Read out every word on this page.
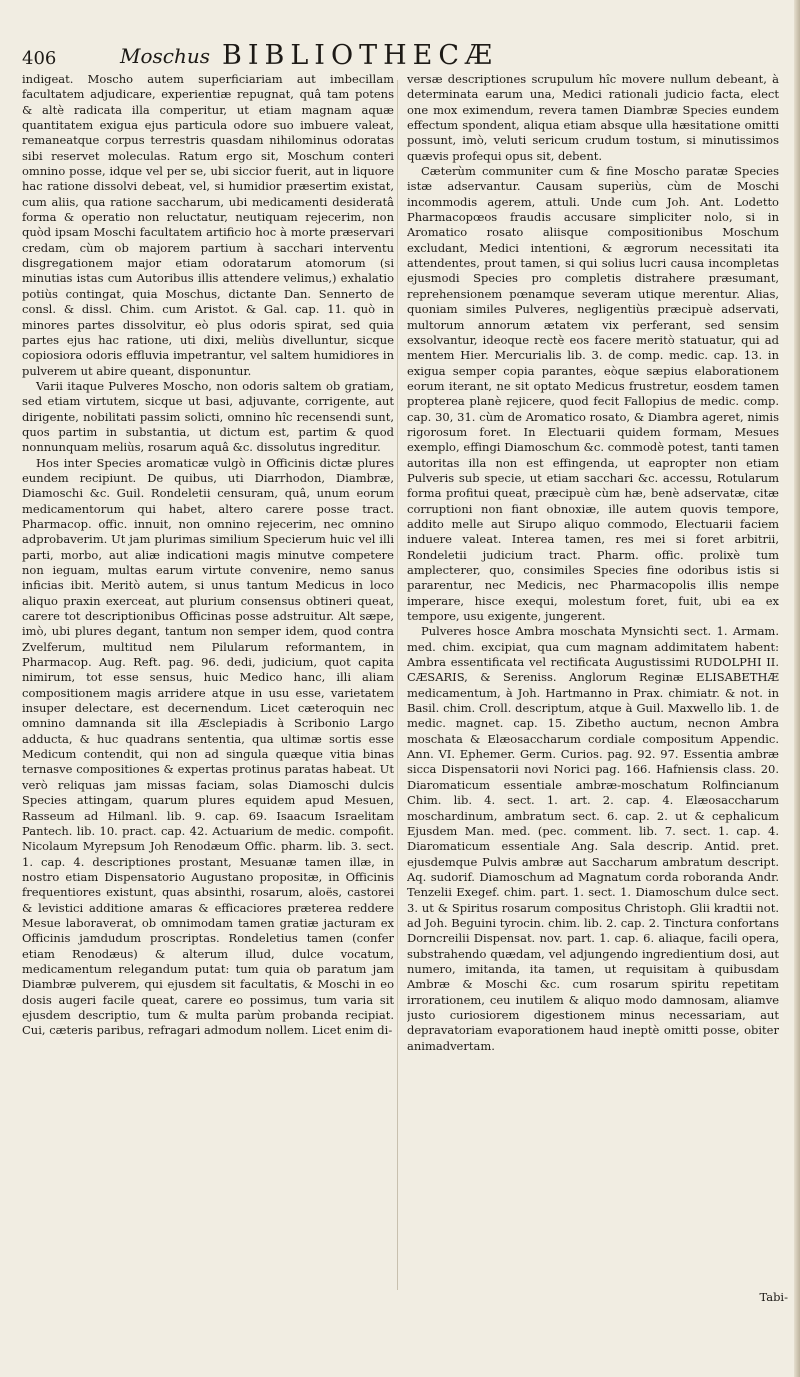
406	Moschus BIBLIOTHECÆ

indigeat. Moscho autem superficiariam aut imbecillam facultatem adjudicare, experientiæ repugnat, quâ tam potens & altè radicata illa comperitur, ut etiam magnam aquæ quantitatem exigua ejus particula odore suo imbuere valeat, remaneatque corpus terrestris quasdam nihilominus odoratas sibi reservet moleculas. Ratum ergo sit, Moschum conteri omnino posse, idque vel per se, ubi siccior fuerit, aut in liquore hac ratione dissolvi debeat, vel, si humidior præsertim existat, cum aliis, qua ratione saccharum, ubi medicamenti desideratâ forma & operatio non reluctatur, neutiquam rejecerim, non quòd ipsam Moschi facultatem artificio hoc à morte præservari credam, cùm ob majorem partium à sacchari interventu disgregationem major etiam odoratarum atomorum (si minutias istas cum Autoribus illis attendere velimus,) exhalatio potiùs contingat, quia Moschus, dictante Dan. Sennerto de consl. & dissl. Chim. cum Aristot. & Gal. cap. 11. quò in minores partes dissolvitur, eò plus odoris spirat, sed quia partes ejus hac ratione, uti dixi, meliùs divelluntur, sicque copiosiora odoris effluvia impetrantur, vel saltem humidiores in pulverem ut abire queant, disponuntur.

Varii itaque Pulveres Moscho, non odoris saltem ob gratiam, sed etiam virtutem, sicque ut basi, adjuvante, corrigente, aut dirigente, nobilitati passim solicti, omnino hîc recensendi sunt, quos partim in substantia, ut dictum est, partim & quod nonnunquam meliùs, rosarum aquâ &c. dissolutus ingreditur.

Hos inter Species aromaticæ vulgò in Officinis dictæ plures eundem recipiunt. De quibus, uti Diarrhodon, Diambræ, Diamoschi &c. Guil. Rondeletii censuram, quâ, unum eorum medicamentorum qui habet, altero carere posse tract. Pharmacop. offic. innuit, non omnino rejecerim, nec omnino adprobaverim. Ut jam plurimas similium Specierum huic vel illi parti, morbo, aut aliæ indicationi magis minutve competere non ieguam, multas earum virtute convenire, nemo sanus inficias ibit. Meritò autem, si unus tantum Medicus in loco aliquo praxin exerceat, aut plurium consensus obtineri queat, carere tot descriptionibus Officinas posse adstruitur. Alt sæpe, imò, ubi plures degant, tantum non semper idem, quod contra Zvelferum, multitud nem Pilularum reformantem, in Pharmacop. Aug. Reft. pag. 96. dedi, judicium, quot capita nimirum, tot esse sensus, huic Medico hanc, illi aliam compositionem magis arridere atque in usu esse, varietatem insuper delectare, est decernendum. Licet cæteroquin nec omnino damnanda sit illa Æsclepiadis à Scribonio Largo adducta, & huc quadrans sententia, qua ultimæ sortis esse Medicum contendit, qui non ad singula quæque vitia binas ternasve compositiones & expertas protinus paratas habeat. Ut verò reliquas jam missas faciam, solas Diamoschi dulcis Species attingam, quarum plures equidem apud Mesuen, Rasseum ad Hilmanl. lib. 9. cap. 69. Isaacum Israelitam Pantech. lib. 10. pract. cap. 42. Actuarium de medic. compofit. Nicolaum Myrepsum Joh Renodæum Offic. pharm. lib. 3. sect. 1. cap. 4. descriptiones prostant, Mesuanæ tamen illæ, in nostro etiam Dispensatorio Augustano propositæ, in Officinis frequentiores existunt, quas absinthi, rosarum, aloës, castorei & levistici additione amaras & efficaciores præterea reddere Mesue laboraverat, ob omnimodam tamen gratiæ jacturam ex Officinis jamdudum proscriptas. Rondeletius tamen (confer etiam Renodæus) & alterum illud, dulce vocatum, medicamentum relegandum putat: tum quia ob paratum jam Diambræ pulverem, qui ejusdem sit facultatis, & Moschi in eo dosis augeri facile queat, carere eo possimus, tum varia sit ejusdem descriptio, tum & multa parùm probanda recipiat. Cui, cæteris paribus, refragari admodum nollem. Licet enim di-

versæ descriptiones scrupulum hîc movere nullum debeant, à determinata earum una, Medici rationali judicio facta, elect one mox eximendum, revera tamen Diambræ Species eundem effectum spondent, aliqua etiam absque ulla hæsitatione omitti possunt, imò, veluti sericum crudum tostum, si minutissimos quævis profequi opus sit, debent.

Cæterùm communiter cum & fine Moscho paratæ Species istæ adservantur. Causam superiùs, cùm de Moschi incommodis agerem, attuli. Unde cum Joh. Ant. Lodetto Pharmacopœos fraudis accusare simpliciter nolo, si in Aromatico rosato aliisque compositionibus Moschum excludant, Medici intentioni, & ægrorum necessitati ita attendentes, prout tamen, si qui solius lucri causa incompletas ejusmodi Species pro completis distrahere præsumant, reprehensionem pœnamque severam utique merentur. Alias, quoniam similes Pulveres, negligentiùs præcipuè adservati, multorum annorum ætatem vix perferant, sed sensim exsolvantur, ideoque rectè eos facere meritò statuatur, qui ad mentem Hier. Mercurialis lib. 3. de comp. medic. cap. 13. in exigua semper copia parantes, eòque sæpius elaborationem eorum iterant, ne sit optato Medicus frustretur, eosdem tamen propterea planè rejicere, quod fecit Fallopius de medic. comp. cap. 30, 31. cùm de Aromatico rosato, & Diambra ageret, nimis rigorosum foret. In Electuarii quidem formam, Mesues exemplo, effingi Diamoschum &c. commodè potest, tanti tamen autoritas illa non est effingenda, ut eapropter non etiam Pulveris sub specie, ut etiam sacchari &c. accessu, Rotularum forma profitui queat, præcipuè cùm hæ, benè adservatæ, citæ corruptioni non fiant obnoxiæ, ille autem quovis tempore, addito melle aut Sirupo aliquo commodo, Electuarii faciem induere valeat. Interea tamen, res mei si foret arbitrii, Rondeletii judicium tract. Pharm. offic. prolixè tum amplecterer, quo, consimiles Species fine odoribus istis si pararentur, nec Medicis, nec Pharmacopolis illis nempe imperare, hisce exequi, molestum foret, fuit, ubi ea ex tempore, usu exigente, jungerent.

Pulveres hosce Ambra moschata Mynsichti sect. 1. Armam. med. chim. excipiat, qua cum magnam addimitatem habent: Ambra essentificata vel rectificata Augustissimi RUDOLPHI II. CÆSARIS, & Sereniss. Anglorum Reginæ ELISABETHÆ medicamentum, à Joh. Hartmanno in Prax. chimiatr. & not. in Basil. chim. Croll. descriptum, atque à Guil. Maxwello lib. 1. de medic. magnet. cap. 15. Zibetho auctum, necnon Ambra moschata & Elæosaccharum cordiale compositum Appendic. Ann. VI. Ephemer. Germ. Curios. pag. 92. 97. Essentia ambræ sicca Dispensatorii novi Norici pag. 166. Hafniensis class. 20. Diaromaticum essentiale ambræ-moschatum Rolfincianum Chim. lib. 4. sect. 1. art. 2. cap. 4. Elæosaccharum moschardinum, ambratum sect. 6. cap. 2. ut & cephalicum Ejusdem Man. med. (pec. comment. lib. 7. sect. 1. cap. 4. Diaromaticum essentiale Ang. Sala descrip. Antid. pret. ejusdemque Pulvis ambræ aut Saccharum ambratum descript. Aq. sudorif. Diamoschum ad Magnatum corda roboranda Andr. Tenzelii Exegef. chim. part. 1. sect. 1. Diamoschum dulce sect. 3. ut & Spiritus rosarum compositus Christoph. Glii kradtii not. ad Joh. Beguini tyrocin. chim. lib. 2. cap. 2. Tinctura confortans Dorncreilii Dispensat. nov. part. 1. cap. 6. aliaque, facili opera, substrahendo quædam, vel adjungendo ingredientium dosi, aut numero, imitanda, ita tamen, ut requisitam à quibusdam Ambræ & Moschi &c. cum rosarum spiritu repetitam irrorationem, ceu inutilem & aliquo modo damnosam, aliamve justo curiosiorem digestionem minus necessariam, aut depravatoriam evaporationem haud ineptè omitti posse, obiter animadvertam.

Tabi-
